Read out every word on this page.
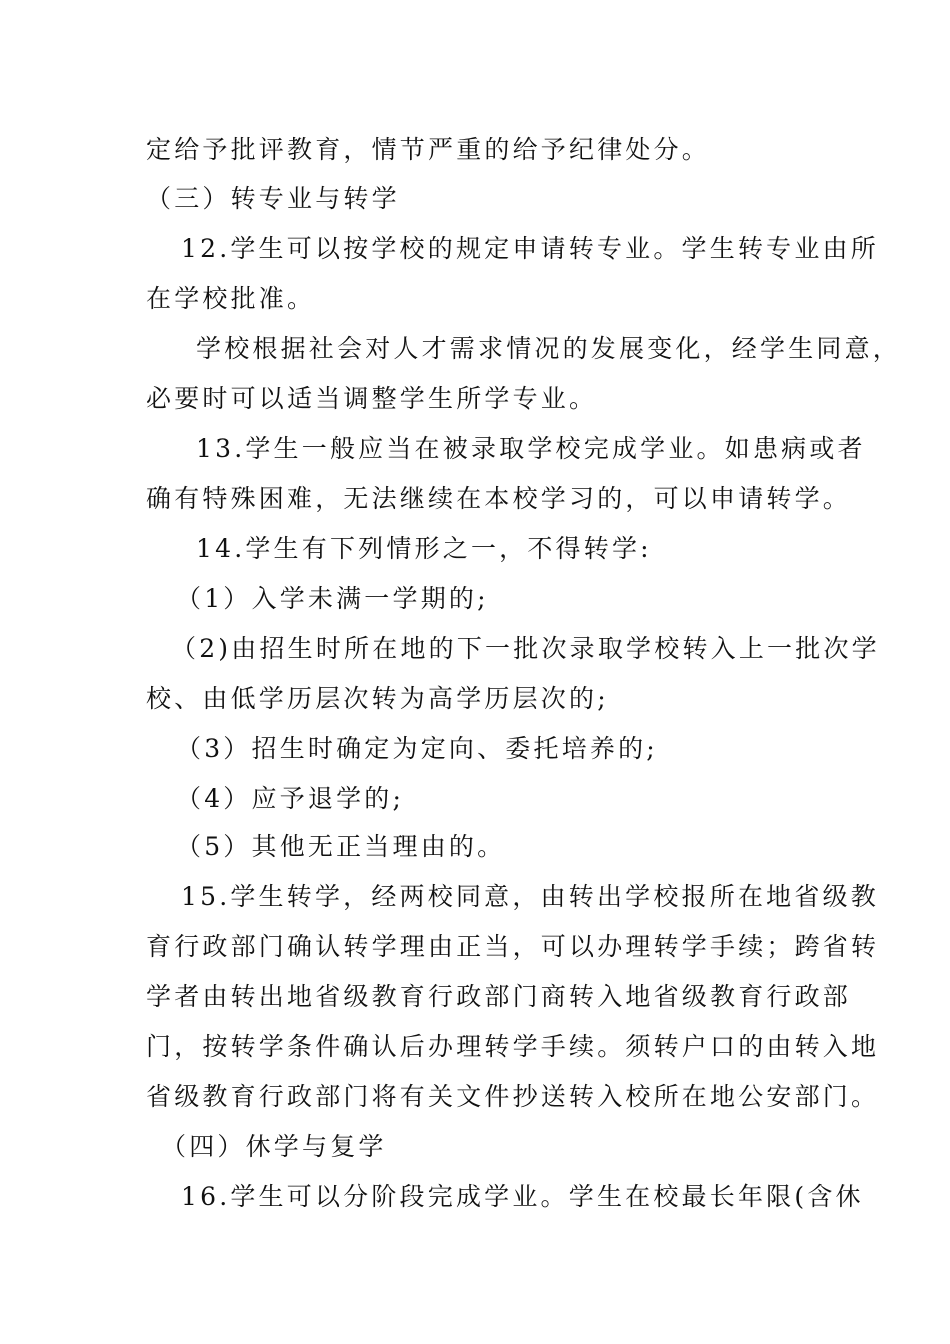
定给予批评教育，情节严重的给予纪律处分。
（三）转专业与转学
12.学生可以按学校的规定申请转专业。学生转专业由所
在学校批准。
学校根据社会对人才需求情况的发展变化，经学生同意，
必要时可以适当调整学生所学专业。
13.学生一般应当在被录取学校完成学业。如患病或者
确有特殊困难，无法继续在本校学习的，可以申请转学。
14.学生有下列情形之一，不得转学:
（1）入学未满一学期的;
（2)由招生时所在地的下一批次录取学校转入上一批次学
校、由低学历层次转为高学历层次的;
（3）招生时确定为定向、委托培养的;
（4）应予退学的;
（5）其他无正当理由的。
15.学生转学，经两校同意，由转出学校报所在地省级教
育行政部门确认转学理由正当，可以办理转学手续；跨省转
学者由转出地省级教育行政部门商转入地省级教育行政部
门，按转学条件确认后办理转学手续。须转户口的由转入地
省级教育行政部门将有关文件抄送转入校所在地公安部门。
（四）休学与复学
16.学生可以分阶段完成学业。学生在校最长年限(含休
